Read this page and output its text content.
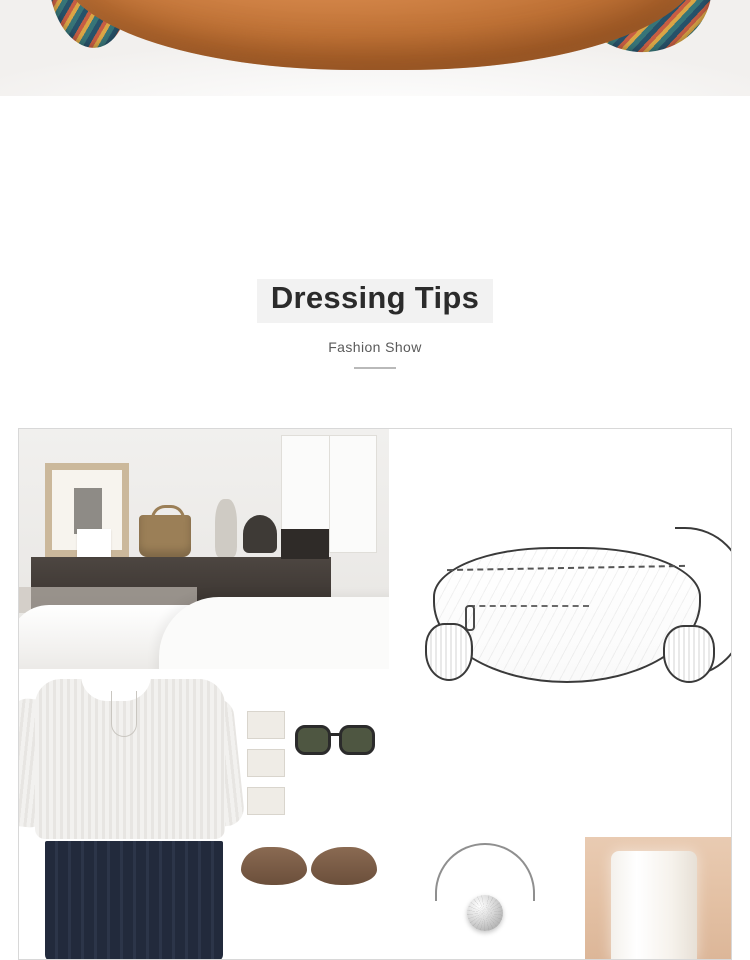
Dressing Tips
Fashion Show
